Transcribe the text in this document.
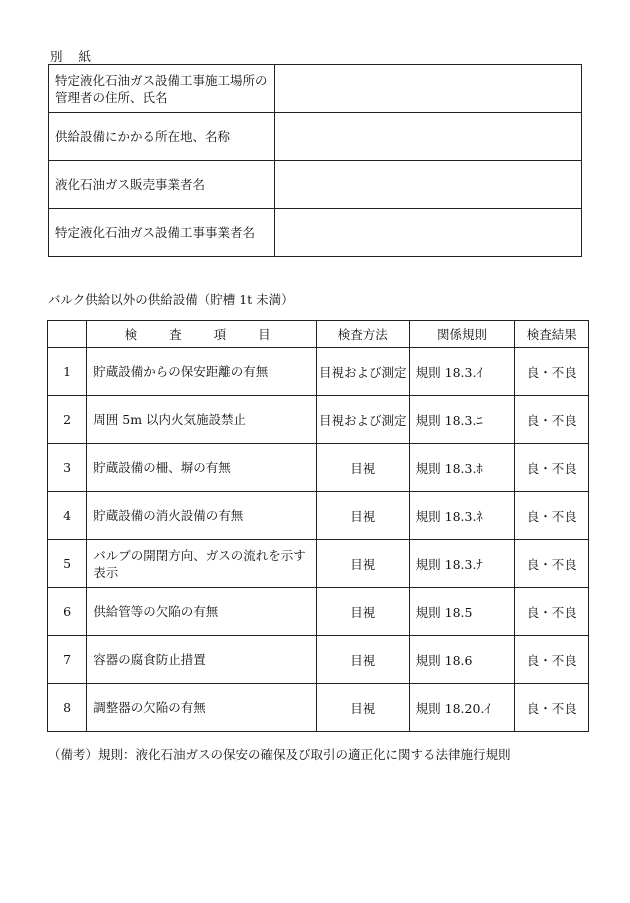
別 紙
特定液化石油ガス設備工事施工場所の管理者の住所、氏名	
供給設備にかかる所在地、名称	
液化石油ガス販売事業者名	
特定液化石油ガス設備工事事業者名	
バルク供給以外の供給設備（貯槽 1t 未満）
	検 査 項 目	検査方法	関係規則	検査結果
1	貯蔵設備からの保安距離の有無	目視および測定	規則 18.3.ｲ	良・不良
2	周囲 5m 以内火気施設禁止	目視および測定	規則 18.3.ﾆ	良・不良
3	貯蔵設備の柵、塀の有無	目視	規則 18.3.ﾎ	良・不良
4	貯蔵設備の消火設備の有無	目視	規則 18.3.ﾈ	良・不良
5	バルブの開閉方向、ガスの流れを示す表示	目視	規則 18.3.ﾅ	良・不良
6	供給管等の欠陥の有無	目視	規則 18.5	良・不良
7	容器の腐食防止措置	目視	規則 18.6	良・不良
8	調整器の欠陥の有無	目視	規則 18.20.ｲ	良・不良
（備考）規則：液化石油ガスの保安の確保及び取引の適正化に関する法律施行規則
